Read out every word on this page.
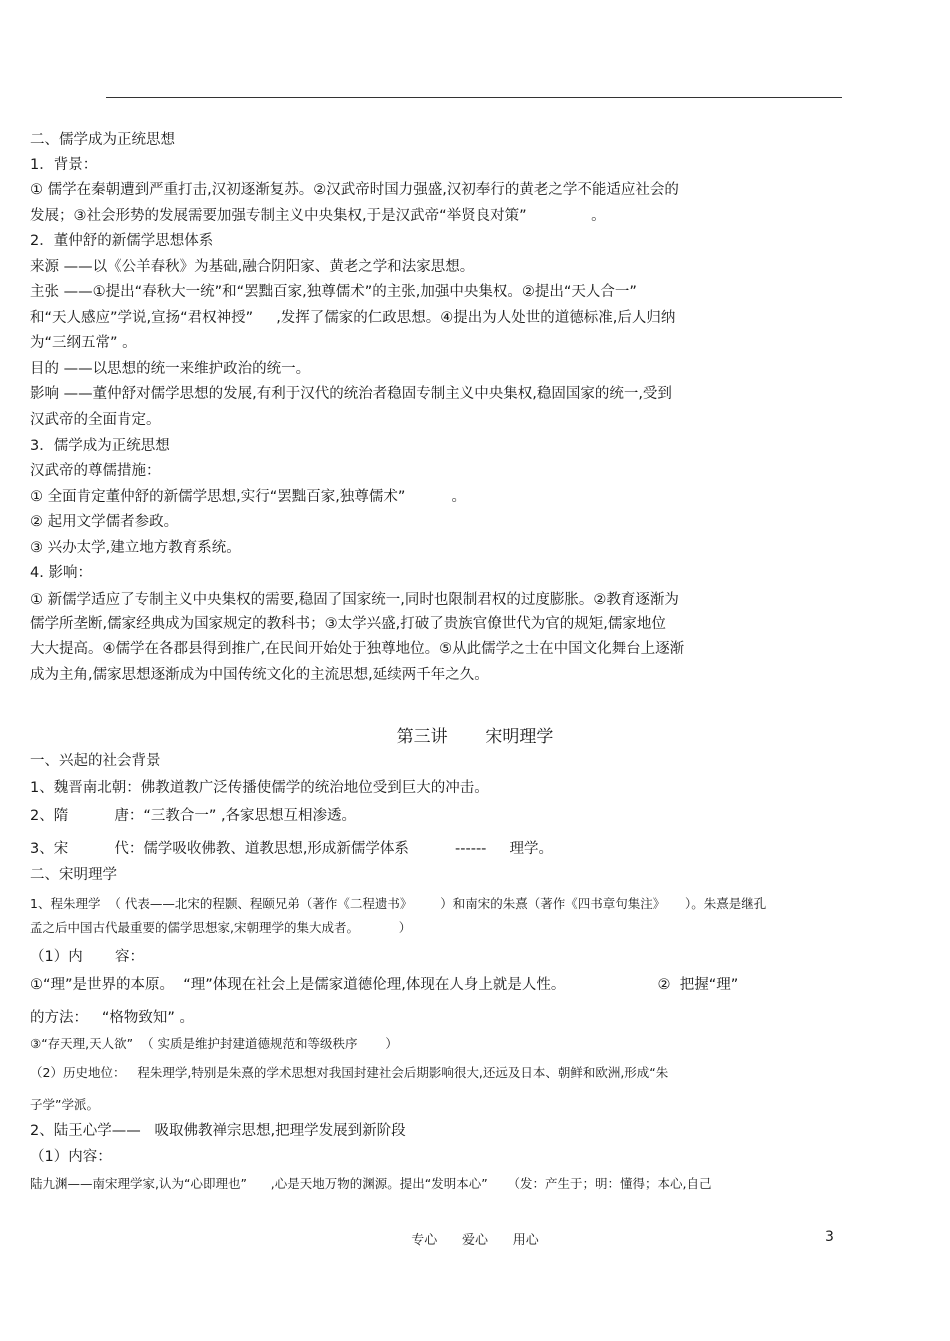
二、儒学成为正统思想
1．背景：
① 儒学在秦朝遭到严重打击,汉初逐渐复苏。②汉武帝时国力强盛,汉初奉行的黄老之学不能适应社会的
发展；③社会形势的发展需要加强专制主义中央集权,于是汉武帝“举贤良对策”              。
2．董仲舒的新儒学思想体系
来源 ——以《公羊春秋》为基础,融合阴阳家、黄老之学和法家思想。
主张 ——①提出“春秋大一统”和“罢黜百家,独尊儒术”的主张,加强中央集权。②提出“天人合一”
和“天人感应”学说,宣扬“君权神授”     ,发挥了儒家的仁政思想。④提出为人处世的道德标准,后人归纳
为“三纲五常” 。
目的 ——以思想的统一来维护政治的统一。
影响 ——董仲舒对儒学思想的发展,有利于汉代的统治者稳固专制主义中央集权,稳固国家的统一,受到
汉武帝的全面肯定。
3．儒学成为正统思想
汉武帝的尊儒措施：
① 全面肯定董仲舒的新儒学思想,实行“罢黜百家,独尊儒术”          。
② 起用文学儒者参政。
③ 兴办太学,建立地方教育系统。
4. 影响：
① 新儒学适应了专制主义中央集权的需要,稳固了国家统一,同时也限制君权的过度膨胀。②教育逐渐为
儒学所垄断,儒家经典成为国家规定的教科书；③太学兴盛,打破了贵族官僚世代为官的规矩,儒家地位
大大提高。④儒学在各郡县得到推广,在民间开始处于独尊地位。⑤从此儒学之士在中国文化舞台上逐渐
成为主角,儒家思想逐渐成为中国传统文化的主流思想,延续两千年之久。
一、兴起的社会背景
1、魏晋南北朝：佛教道教广泛传播使儒学的统治地位受到巨大的冲击。
2、隋          唐：“三教合一” ,各家思想互相渗透。
3、宋          代：儒学吸收佛教、道教思想,形成新儒学体系          ------     理学。
二、宋明理学
1、程朱理学  （ 代表——北宋的程颢、程颐兄弟（著作《二程遗书》       ）和南宋的朱熹（著作《四书章句集注》     ）。朱熹是继孔
孟之后中国古代最重要的儒学思想家,宋朝理学的集大成者。          ）
（1）内       容：
①“理”是世界的本原。  “理”体现在社会上是儒家道德伦理,体现在人身上就是人性。                    ②  把握“理”
的方法：   “格物致知” 。
③“存天理,天人欲”  （ 实质是维护封建道德规范和等级秩序       ）
（2）历史地位：   程朱理学,特别是朱熹的学术思想对我国封建社会后期影响很大,还远及日本、朝鲜和欧洲,形成“朱
子学”学派。
2、陆王心学——   吸取佛教禅宗思想,把理学发展到新阶段
（1）内容：
陆九渊——南宋理学家,认为“心即理也”      ,心是天地万物的渊源。提出“发明本心”     （发：产生于；明：懂得；本心,自己
第三讲       宋明理学
专心      爱心      用心	3
